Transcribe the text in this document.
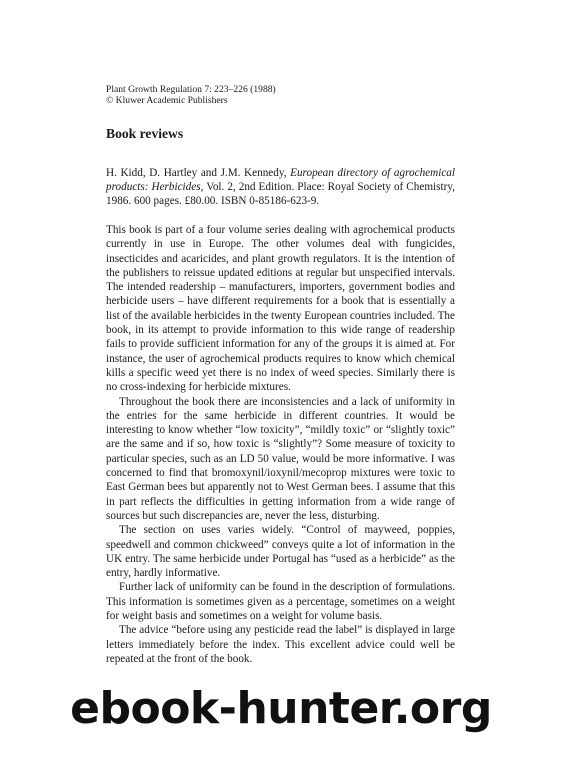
Plant Growth Regulation 7: 223–226 (1988)
© Kluwer Academic Publishers
Book reviews
H. Kidd, D. Hartley and J.M. Kennedy, European directory of agrochemical products: Herbicides, Vol. 2, 2nd Edition. Place: Royal Society of Chemistry, 1986. 600 pages. £80.00. ISBN 0-85186-623-9.

This book is part of a four volume series dealing with agrochemical products currently in use in Europe. The other volumes deal with fungicides, insecticides and acaricides, and plant growth regulators. It is the intention of the publishers to reissue updated editions at regular but unspecified intervals. The intended readership – manufacturers, importers, government bodies and herbicide users – have different requirements for a book that is essentially a list of the available herbicides in the twenty European countries included. The book, in its attempt to provide information to this wide range of readership fails to provide sufficient information for any of the groups it is aimed at. For instance, the user of agrochemical products requires to know which chemical kills a specific weed yet there is no index of weed species. Similarly there is no cross-indexing for herbicide mixtures.

Throughout the book there are inconsistencies and a lack of uniformity in the entries for the same herbicide in different countries. It would be interesting to know whether “low toxicity”, “mildly toxic” or “slightly toxic” are the same and if so, how toxic is “slightly”? Some measure of toxicity to particular species, such as an LD 50 value, would be more informative. I was concerned to find that bromoxynil/ioxynil/mecoprop mixtures were toxic to East German bees but apparently not to West German bees. I assume that this in part reflects the difficulties in getting information from a wide range of sources but such discrepancies are, never the less, disturbing.

The section on uses varies widely. “Control of mayweed, poppies, speedwell and common chickweed” conveys quite a lot of information in the UK entry. The same herbicide under Portugal has “used as a herbicide” as the entry, hardly informative.

Further lack of uniformity can be found in the description of formulations. This information is sometimes given as a percentage, sometimes on a weight for weight basis and sometimes on a weight for volume basis.

The advice “before using any pesticide read the label” is displayed in large letters immediately before the index. This excellent advice could well be repeated at the front of the book.

ebook-hunter.org
